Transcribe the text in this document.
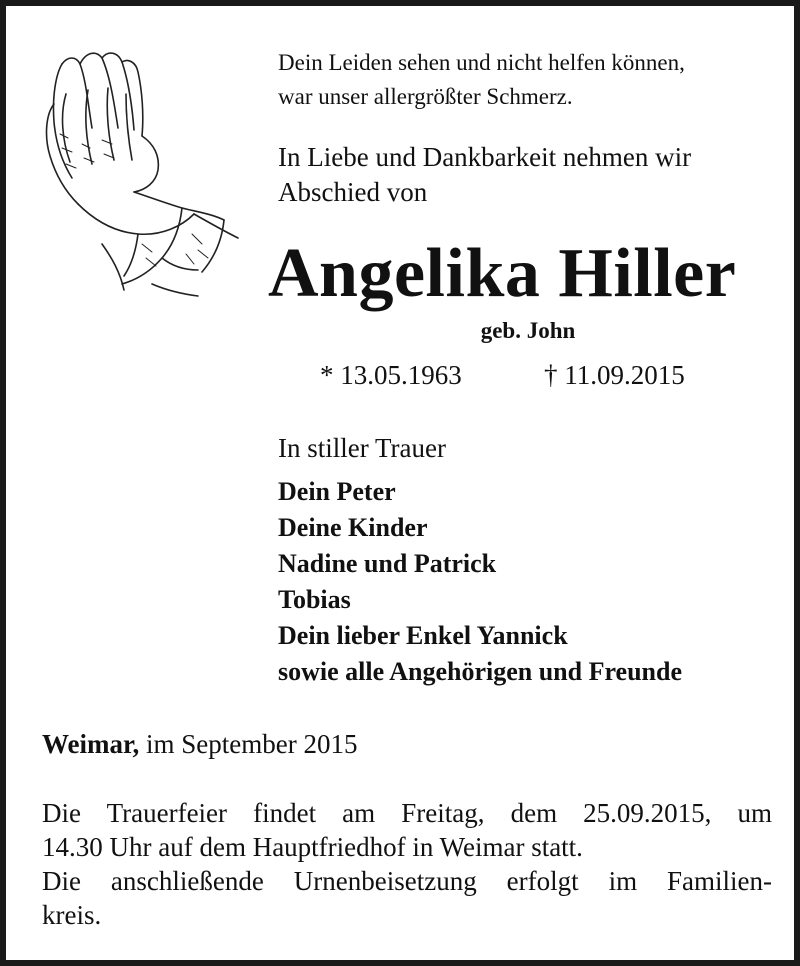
Dein Leiden sehen und nicht helfen können,
war unser allergrößter Schmerz.
In Liebe und Dankbarkeit nehmen wir
Abschied von
Angelika Hiller
geb. John
* 13.05.1963	† 11.09.2015
In stiller Trauer
Dein Peter
Deine Kinder
Nadine und Patrick
Tobias
Dein lieber Enkel Yannick
sowie alle Angehörigen und Freunde
Weimar, im September 2015
Die Trauerfeier findet am Freitag, dem 25.09.2015, um
14.30 Uhr auf dem Hauptfriedhof in Weimar statt.
Die anschließende Urnenbeisetzung erfolgt im Familien-
kreis.
